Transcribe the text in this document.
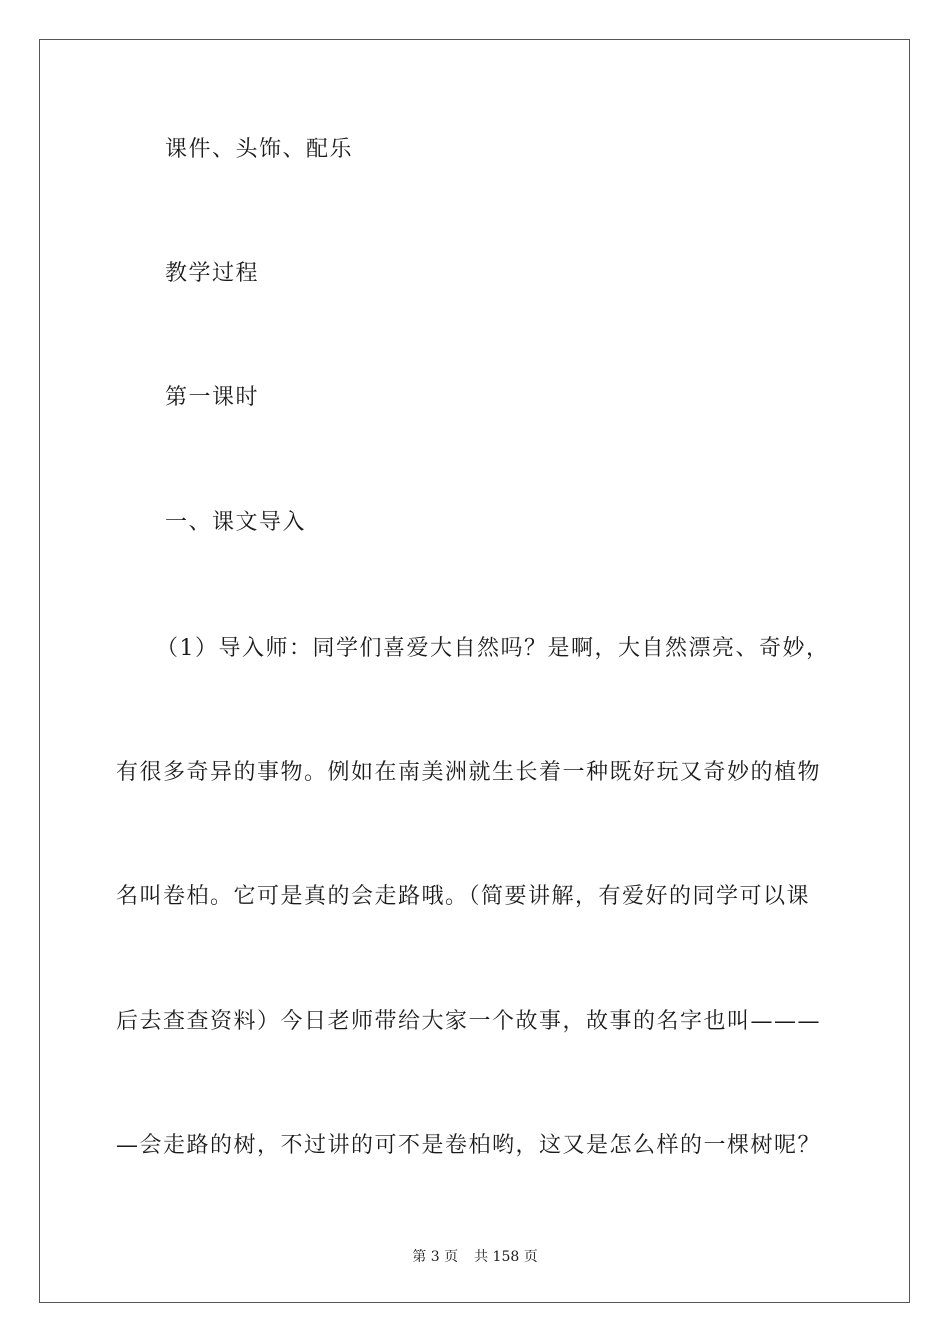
课件、头饰、配乐
教学过程
第一课时
一、课文导入
（1）导入师：同学们喜爱大自然吗？是啊，大自然漂亮、奇妙，
有很多奇异的事物。例如在南美洲就生长着一种既好玩又奇妙的植物
名叫卷柏。它可是真的会走路哦。（简要讲解，有爱好的同学可以课
后去查查资料）今日老师带给大家一个故事，故事的名字也叫———
—会走路的树，不过讲的可不是卷柏哟，这又是怎么样的一棵树呢？
第 3 页 共 158 页
